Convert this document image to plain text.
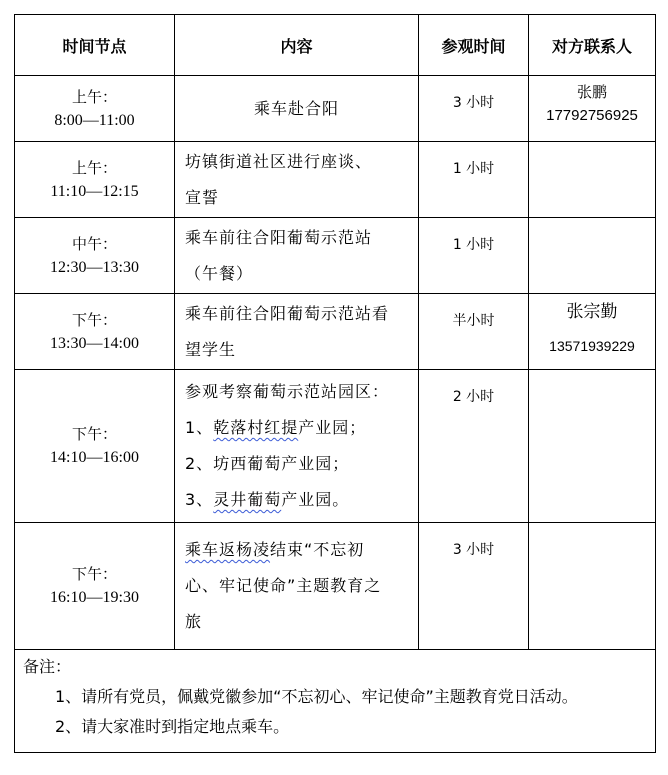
时间节点	内容	参观时间	对方联系人

上午：
8:00—11:00	乘车赴合阳	3 小时	张鹏
17792756925

上午：
11:10—12:15	坊镇街道社区进行座谈、
宣誓	1 小时	

中午：
12:30—13:30	乘车前往合阳葡萄示范站
（午餐）	1 小时	

下午：
13:30—14:00	乘车前往合阳葡萄示范站看
望学生	半小时	张宗勤
13571939229

下午：
14:10—16:00	参观考察葡萄示范站园区：
1、乾落村红提产业园；
2、坊西葡萄产业园；
3、灵井葡萄产业园。	2 小时	

下午：
16:10—19:30	乘车返杨凌结束“不忘初
心、牢记使命”主题教育之
旅	3 小时	

备注：
1、请所有党员，佩戴党徽参加“不忘初心、牢记使命”主题教育党日活动。
2、请大家准时到指定地点乘车。			
